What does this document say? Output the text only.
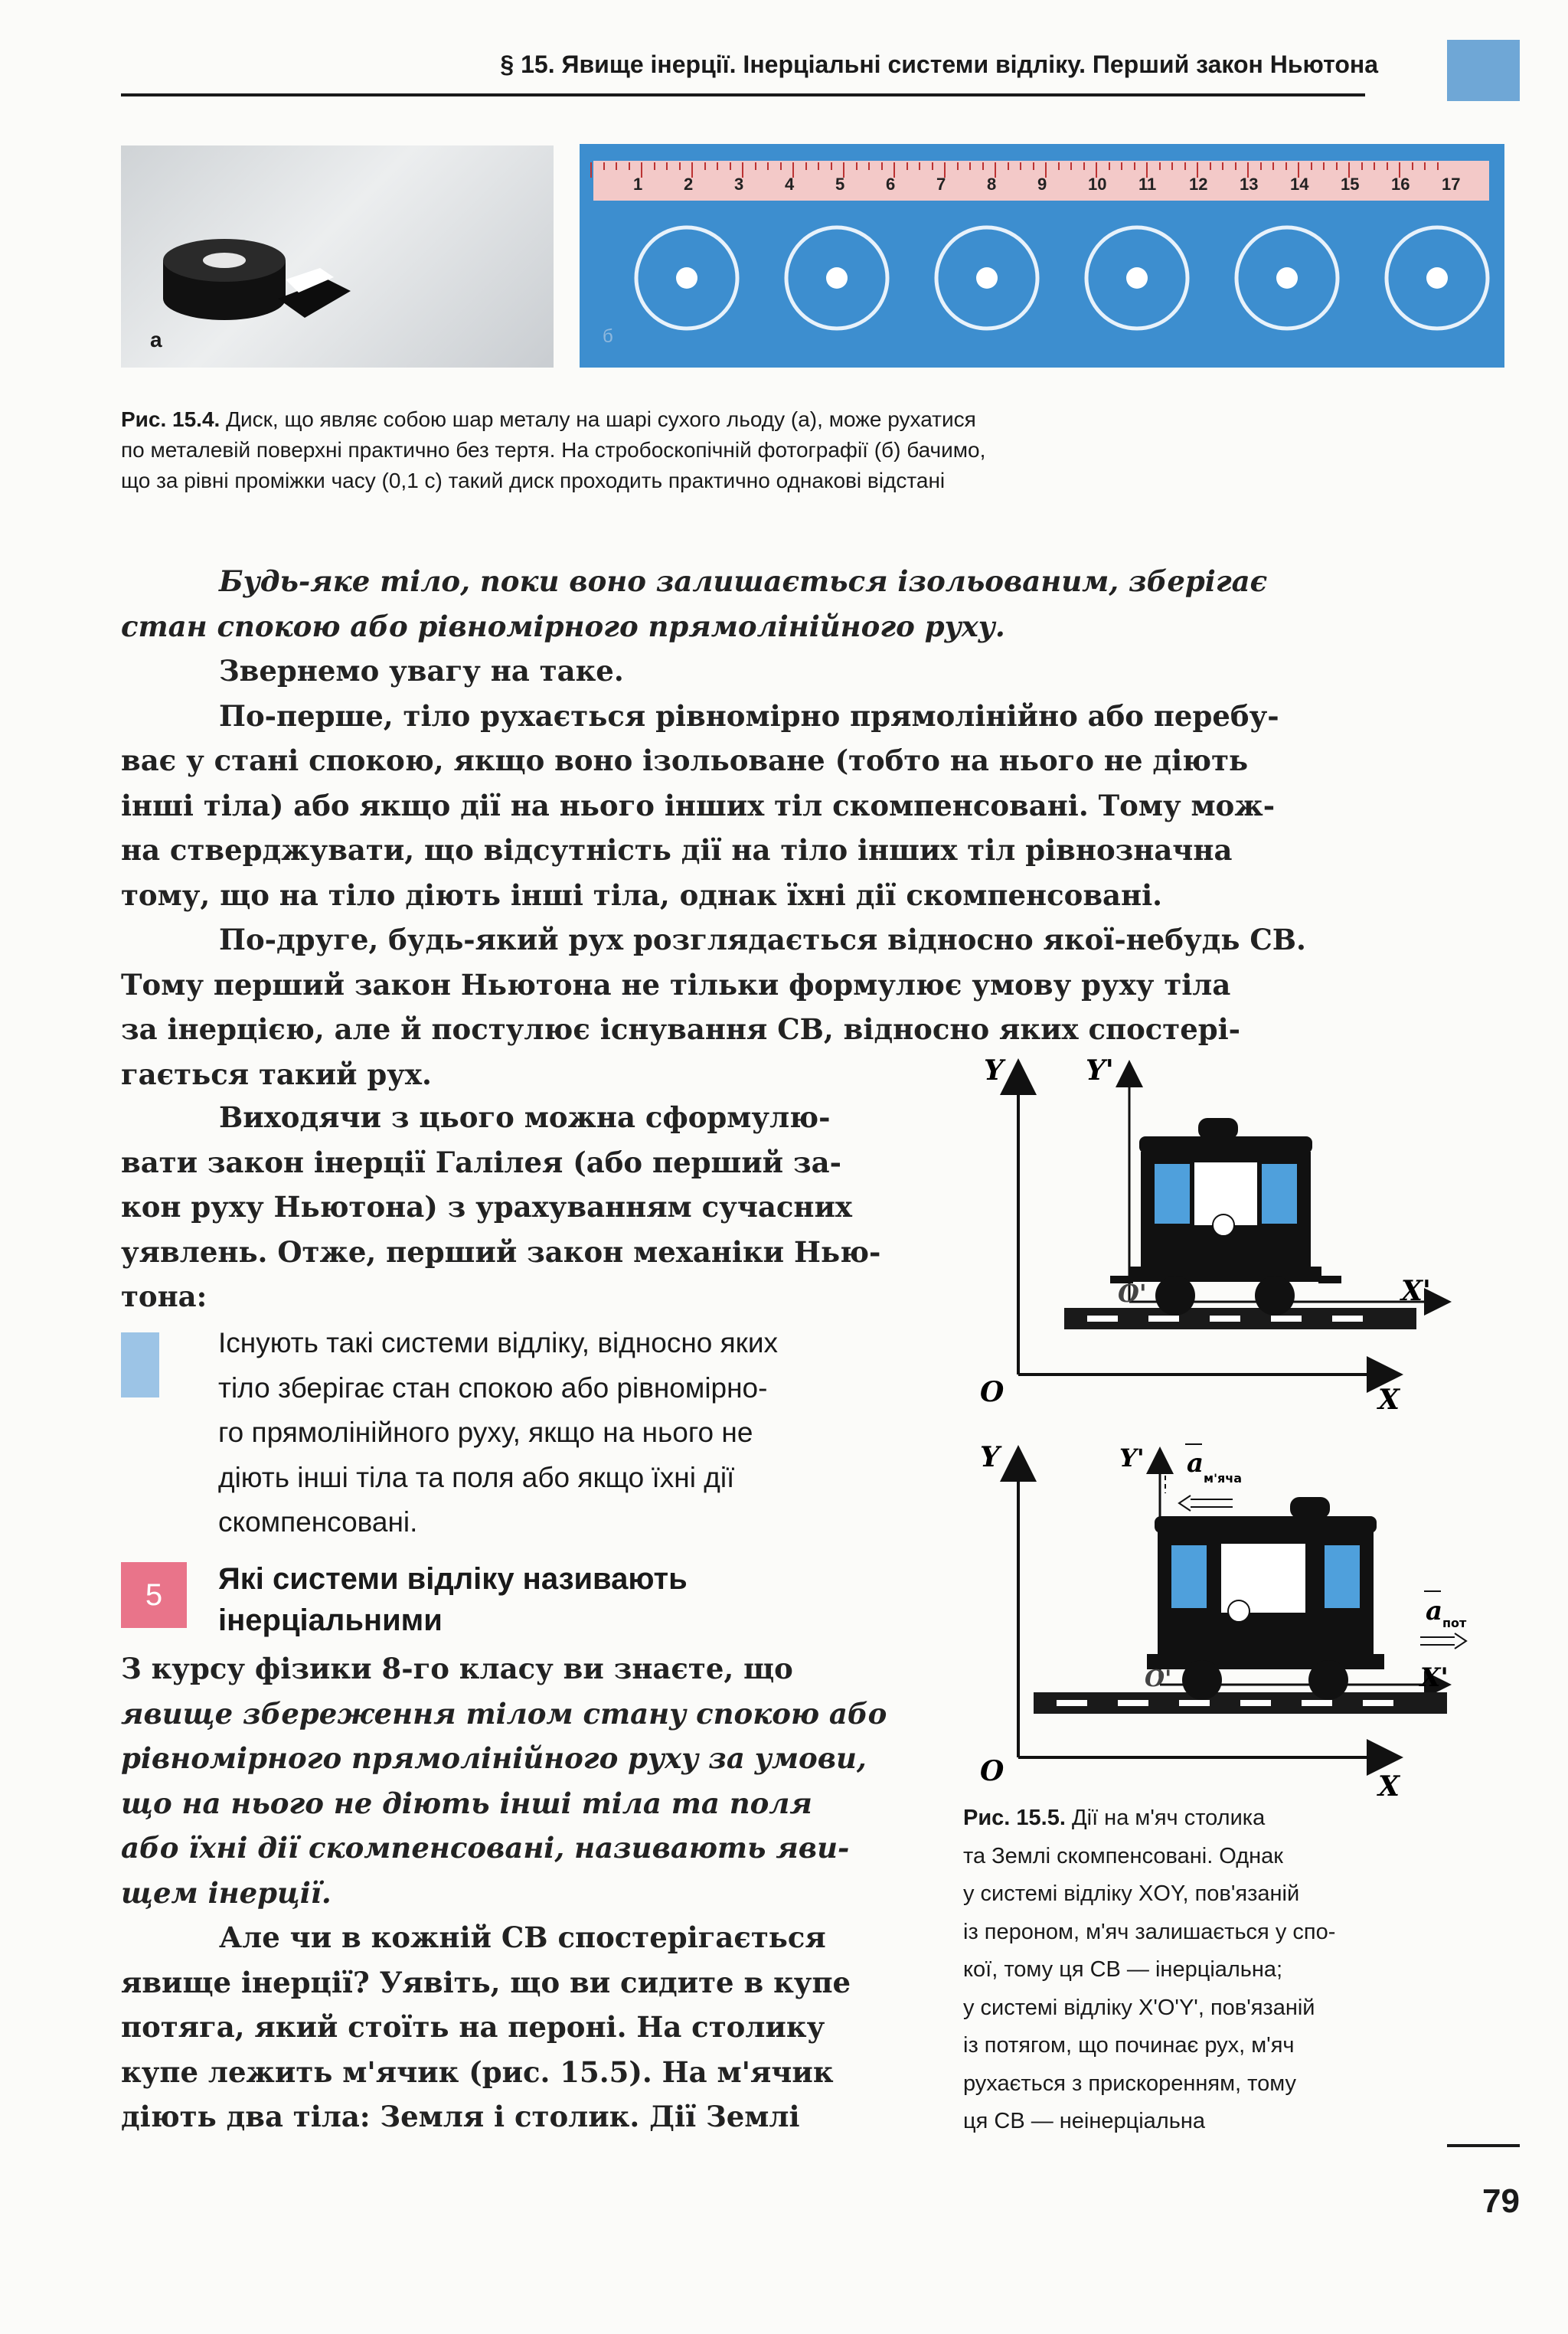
§ 15. Явище інерції. Інерціальні системи відліку. Перший закон Ньютона
а
1 2 3 4 5 6 7 8 9 10 11 12 13 14 15 16 17
б
Рис. 15.4. Диск, що являє собою шар металу на шарі сухого льоду (а), може рухатися
по металевій поверхні практично без тертя. На стробоскопічній фотографії (б) бачимо,
що за рівні проміжки часу (0,1 с) такий диск проходить практично однакові відстані

Будь-яке тіло, поки воно залишається ізольованим, зберігає

стан спокою або рівномірного прямолінійного руху.

Звернемо увагу на таке.

По-перше, тіло рухається рівномірно прямолінійно або перебу-

ває у стані спокою, якщо воно ізольоване (тобто на нього не діють

інші тіла) або якщо дії на нього інших тіл скомпенсовані. Тому мож-

на стверджувати, що відсутність дії на тіло інших тіл рівнозначна

тому, що на тіло діють інші тіла, однак їхні дії скомпенсовані.

По-друге, будь-який рух розглядається відносно якої-небудь СВ.

Тому перший закон Ньютона не тільки формулює умову руху тіла

за інерцією, але й постулює існування СВ, відносно яких спостері-

гається такий рух.

Виходячи з цього можна сформулю-

вати закон інерції Галілея (або перший за-

кон руху Ньютона) з урахуванням сучасних

уявлень. Отже, перший закон механіки Нью-

тона:

Існують такі системи відліку, відносно яких
тіло зберігає стан спокою або рівномірно-
го прямолінійного руху, якщо на нього не
діють інші тіла та поля або якщо їхні дії
скомпенсовані.
5	Які системи відліку називають
інерціальними

З курсу фізики 8-го класу ви знаєте, що

явище збереження тілом стану спокою або

рівномірного прямолінійного руху за умови,

що на нього не діють інші тіла та поля

або їхні дії скомпенсовані, називають яви-

щем інерції.

Але чи в кожній СВ спостерігається

явище інерції? Уявіть, що ви сидите в купе

потяга, який стоїть на пероні. На столику

купе лежить м'ячик (рис. 15.5). На м'ячик

діють два тіла: Земля і столик. Дії Землі

Y	Y'
X'
O'
O	X
Y	Y' a м'яча
a пот
X'
O'
O	X
Рис. 15.5. Дії на м'яч столика
та Землі скомпенсовані. Однак
у системі відліку XOY, пов'язаній
із пероном, м'яч залишається у спо-
кої, тому ця СВ — інерціальна;
у системі відліку X'O'Y', пов'язаній
із потягом, що починає рух, м'яч
рухається з прискоренням, тому
ця СВ — неінерціальна
79
